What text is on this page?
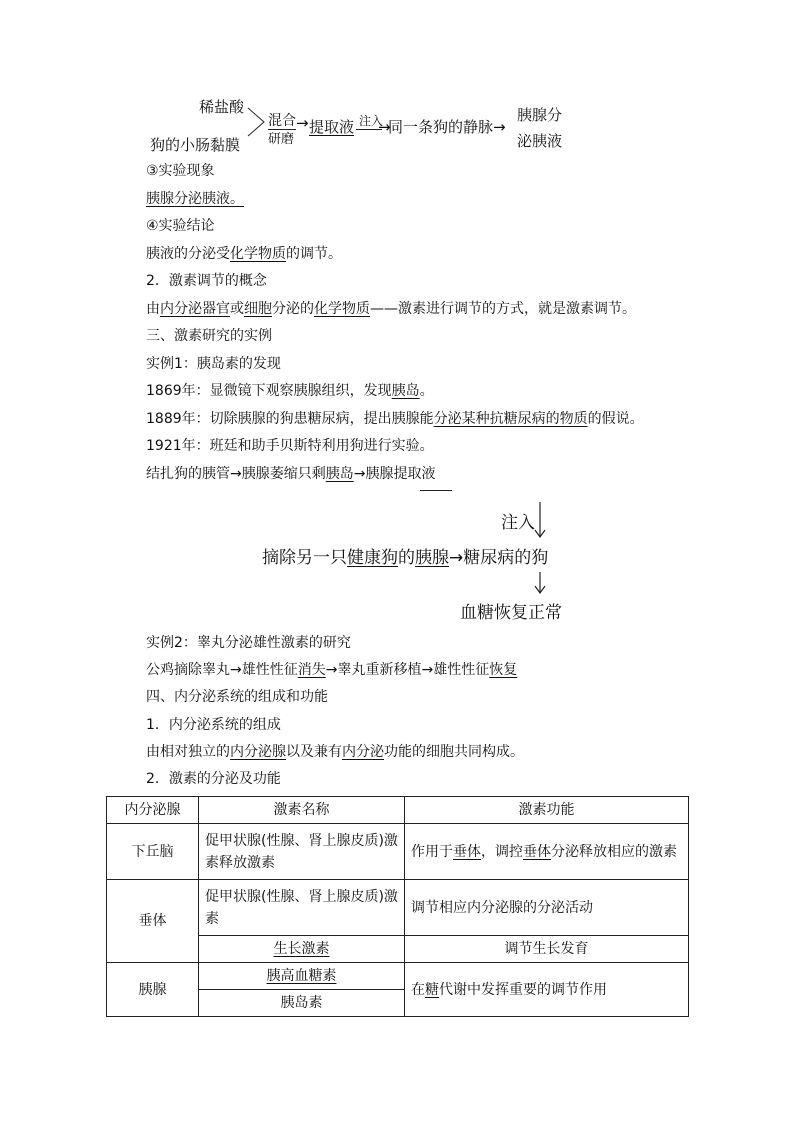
稀盐酸
狗的小肠黏膜
混合
研磨
→ 提取液 注入
→
同一条狗的静脉→
胰腺分
泌胰液
③实验现象
胰腺分泌胰液。
④实验结论
胰液的分泌受化学物质的调节。
2．激素调节的概念
由内分泌器官或细胞分泌的化学物质——激素进行调节的方式，就是激素调节。
三、激素研究的实例
实例1：胰岛素的发现
1869年：显微镜下观察胰腺组织，发现胰岛。
1889年：切除胰腺的狗患糖尿病，提出胰腺能分泌某种抗糖尿病的物质的假说。
1921年：班廷和助手贝斯特利用狗进行实验。
结扎狗的胰管→胰腺萎缩只剩胰岛→胰腺提取液
注入
摘除另一只健康狗的胰腺→糖尿病的狗
血糖恢复正常
实例2：睾丸分泌雄性激素的研究
公鸡摘除睾丸→雄性性征消失→睾丸重新移植→雄性性征恢复
四、内分泌系统的组成和功能
1．内分泌系统的组成
由相对独立的内分泌腺以及兼有内分泌功能的细胞共同构成。
2．激素的分泌及功能
内分泌腺	激素名称	激素功能
下丘脑	促甲状腺(性腺、肾上腺皮质)激素释放激素	作用于垂体，调控垂体分泌释放相应的激素
垂体	促甲状腺(性腺、肾上腺皮质)激素	调节相应内分泌腺的分泌活动
	生长激素	调节生长发育
胰腺	胰高血糖素	在糖代谢中发挥重要的调节作用
	胰岛素	
